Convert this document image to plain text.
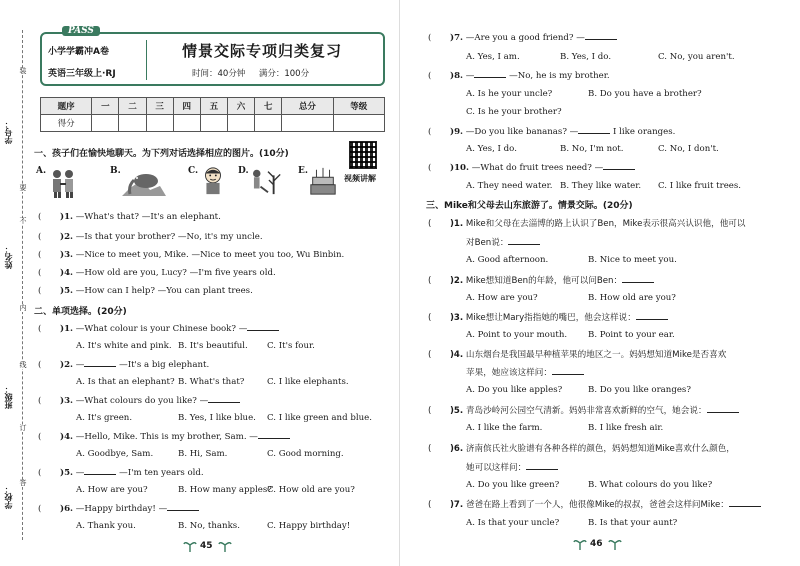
学校：
班级：
姓名：
学号：
装
要
不
内
线
订
答
PASS
小学学霸冲A卷
英语三年级上·RJ
情景交际专项归类复习
时间：40分钟 满分：100分
题序	一	二	三	四	五	六	七	总分	等级
得分									
一、孩子们在愉快地聊天。为下列对话选择相应的图片。(10分)
视频讲解
A.	B.	C.	D.	E.
( )1. —What's that? —It's an elephant.
( )2. —Is that your brother? —No, it's my uncle.
( )3. —Nice to meet you, Mike. —Nice to meet you too, Wu Binbin.
( )4. —How old are you, Lucy? —I'm five years old.
( )5. —How can I help? —You can plant trees.
二、单项选择。(20分)
( )1. —What colour is your Chinese book? —
A. It's white and pink. B. It's beautiful. C. It's four.
( )2. —	—It's a big elephant.
A. Is that an elephant? B. What's that?	C. I like elephants.
( )3. —What colours do you like? —
A. It's green.	B. Yes, I like blue. C. I like green and blue.
( )4. —Hello, Mike. This is my brother, Sam. —
A. Goodbye, Sam.	B. Hi, Sam.	C. Good morning.
( )5. —	—I'm ten years old.
A. How are you?	B. How many apples?
C. How old are you?
( )6. —Happy birthday! —
A. Thank you.	B. No, thanks.	C. Happy birthday!
45
( )7. —Are you a good friend? —
A. Yes, I am.	B. Yes, I do.	C. No, you aren't.
( )8. —	—No, he is my brother.
A. Is he your uncle?	B. Do you have a brother?
C. Is he your brother?
( )9. —Do you like bananas? —	I like oranges.
A. Yes, I do.	B. No, I'm not.	C. No, I don't.
( )10. —What do fruit trees need? —
A. They need water. B. They like water. C. I like fruit trees.
三、Mike和父母去山东旅游了。情景交际。(20分)
( )1. Mike和父母在去淄博的路上认识了Ben，Mike表示很高兴认识他，他可以
对Ben说：
A. Good afternoon.	B. Nice to meet you.
( )2. Mike想知道Ben的年龄，他可以问Ben：
A. How are you?	B. How old are you?
( )3. Mike想让Mary指指她的嘴巴，他会这样说：
A. Point to your mouth. B. Point to your ear.
( )4. 山东烟台是我国最早种植苹果的地区之一。妈妈想知道Mike是否喜欢
苹果，她应该这样问：
A. Do you like apples?	B. Do you like oranges?
( )5. 青岛沙岭河公园空气清新。妈妈非常喜欢新鲜的空气，她会说：
A. I like the farm.	B. I like fresh air.
( )6. 济南傧氏社火脸谱有各种各样的颜色，妈妈想知道Mike喜欢什么颜色，
她可以这样问：
A. Do you like green?	B. What colours do you like?
( )7. 爸爸在路上看到了一个人，他很像Mike的叔叔，爸爸会这样问Mike：
A. Is that your uncle?	B. Is that your aunt?
46
